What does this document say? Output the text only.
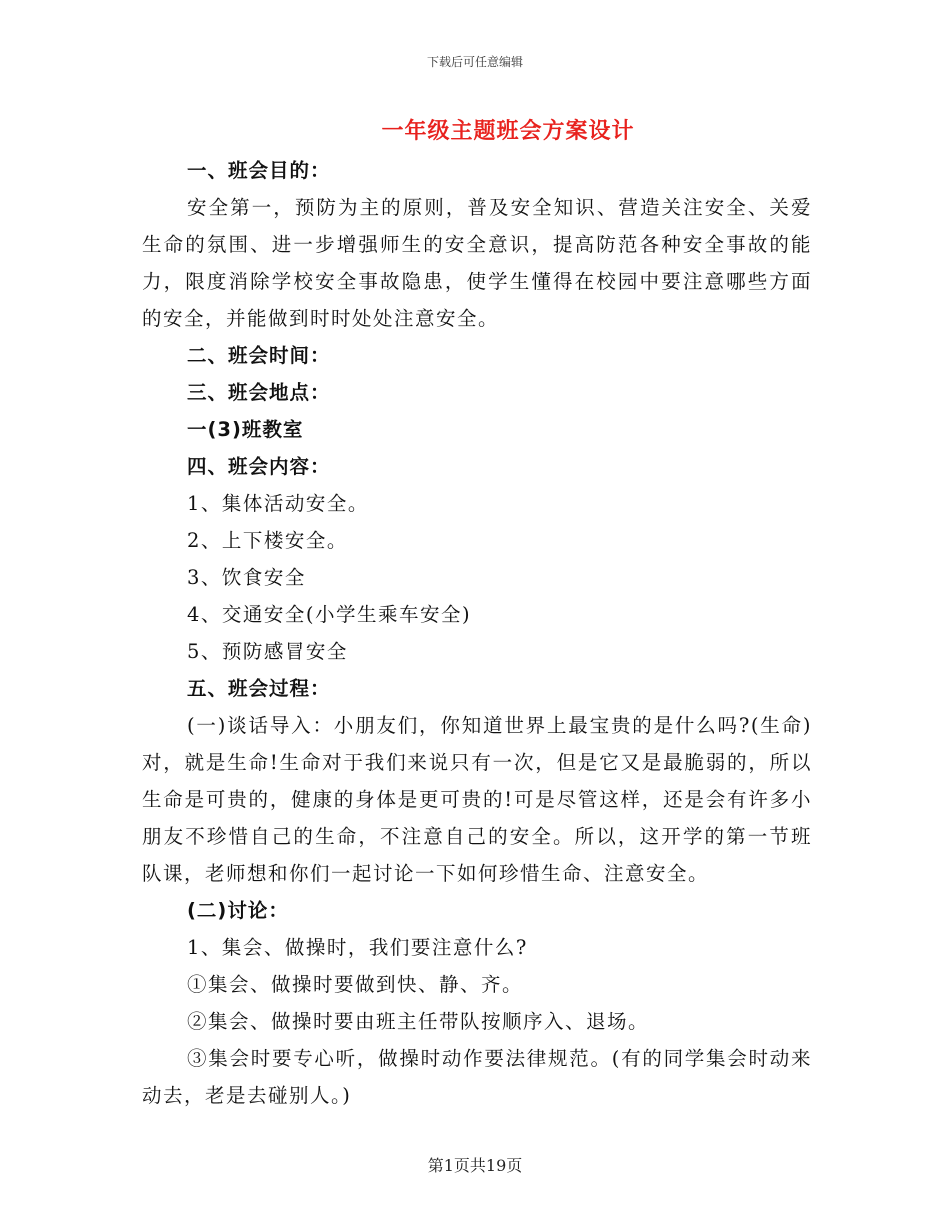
下载后可任意编辑
一年级主题班会方案设计

一、班会目的：

安全第一，预防为主的原则，普及安全知识、营造关注安全、关爱生命的氛围、进一步增强师生的安全意识，提高防范各种安全事故的能力，限度消除学校安全事故隐患，使学生懂得在校园中要注意哪些方面的安全，并能做到时时处处注意安全。

二、班会时间：

三、班会地点：

一(3)班教室

四、班会内容：

1、集体活动安全。

2、上下楼安全。

3、饮食安全

4、交通安全(小学生乘车安全)

5、预防感冒安全

五、班会过程：

(一)谈话导入：小朋友们，你知道世界上最宝贵的是什么吗?(生命)对，就是生命!生命对于我们来说只有一次，但是它又是最脆弱的，所以生命是可贵的，健康的身体是更可贵的!可是尽管这样，还是会有许多小朋友不珍惜自己的生命，不注意自己的安全。所以，这开学的第一节班队课，老师想和你们一起讨论一下如何珍惜生命、注意安全。

(二)讨论：

1、集会、做操时，我们要注意什么?

①集会、做操时要做到快、静、齐。

②集会、做操时要由班主任带队按顺序入、退场。

③集会时要专心听，做操时动作要法律规范。(有的同学集会时动来动去，老是去碰别人。)

第1页共19页
